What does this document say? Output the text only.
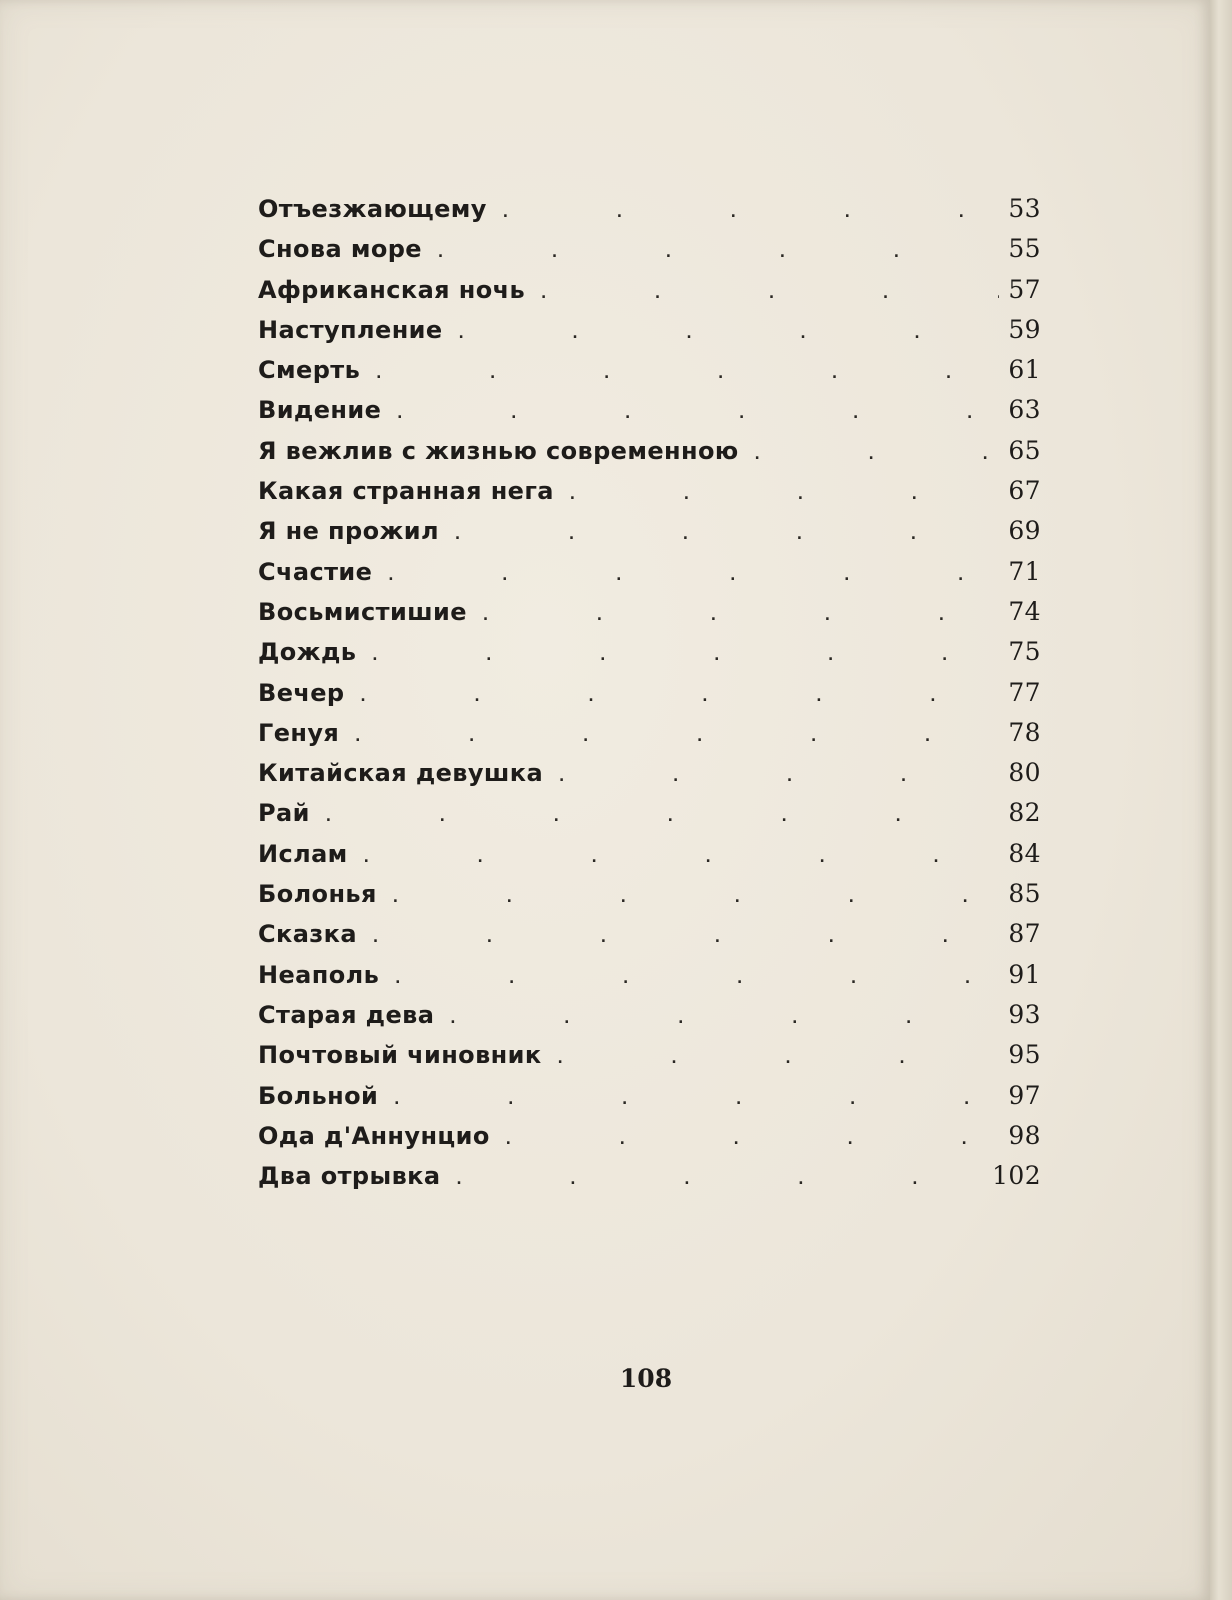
Отъезжающему .	53
Снова море .	55
Африканская ночь .	57
Наступление .	59
Смерть .	61
Видение .	63
Я вежлив с жизнью современною .	65
Какая странная нега .	67
Я не прожил .	69
Счастие .	71
Восьмистишие .	74
Дождь .	75
Вечер .	77
Генуя .	78
Китайская девушка .	80
Рай .	82
Ислам .	84
Болонья .	85
Сказка .	87
Неаполь .	91
Старая дева .	93
Почтовый чиновник .	95
Больной .	97
Ода д'Аннунцио .	98
Два отрывка .	102
108
